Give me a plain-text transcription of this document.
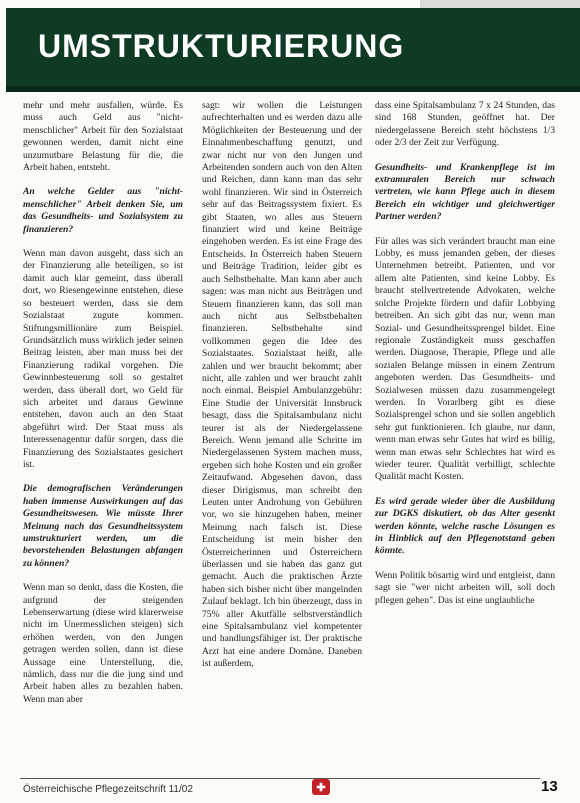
UMSTRUKTURIERUNG

mehr und mehr ausfallen, würde. Es muss auch Geld aus "nicht-menschlicher" Arbeit für den Sozialstaat gewonnen werden, damit nicht eine unzumutbare Belastung für die, die Arbeit haben, entsteht.

An welche Gelder aus "nicht-menschlicher" Arbeit denken Sie, um das Gesundheits- und Sozialsystem zu finanzieren?

Wenn man davon ausgeht, dass sich an der Finanzierung alle beteiligen, so ist damit auch klar gemeint, dass überall dort, wo Riesengewinne entstehen, diese so besteuert werden, dass sie dem Sozialstaat zugute kommen. Stiftungsmillionäre zum Beispiel. Grundsätzlich muss wirklich jeder seinen Beitrag leisten, aber man muss bei der Finanzierung radikal vorgehen. Die Gewinnbesteuerung soll so gestaltet werden, dass überall dort, wo Geld für sich arbeitet und daraus Gewinne entstehen, davon auch an den Staat abgeführt wird. Der Staat muss als Interessenagentur dafür sorgen, dass die Finanzierung des Sozialstaates gesichert ist.

Die demografischen Veränderungen haben immense Auswirkungen auf das Gesundheitswesen. Wie müsste Ihrer Meinung nach das Gesundheitssystem umstrukturiert werden, um die bevorstehenden Belastungen abfangen zu können?

Wenn man so denkt, dass die Kosten, die aufgrund der steigenden Lebenserwartung (diese wird klarerweise nicht im Unermesslichen steigen) sich erhöhen werden, von den Jungen getragen werden sollen, dann ist diese Aussage eine Unterstellung, die, nämlich, dass nur die die jung sind und Arbeit haben alles zu bezahlen haben. Wenn man aber

sagt: wir wollen die Leistungen aufrechterhalten und es werden dazu alle Möglichkeiten der Besteuerung und der Einnahmenbeschaffung genutzt, und zwar nicht nur von den Jungen und Arbeitenden sondern auch von den Alten und Reichen, dann kann man das sehr wohl finanzieren. Wir sind in Österreich sehr auf das Beitragssystem fixiert. Es gibt Staaten, wo alles aus Steuern finanziert wird und keine Beiträge eingehoben werden. Es ist eine Frage des Entscheids. In Österreich haben Steuern und Beiträge Tradition, leider gibt es auch Selbstbehalte. Man kann aber auch sagen: was man nicht aus Beiträgen und Steuern finanzieren kann, das soll man auch nicht aus Selbstbehalten finanzieren. Selbstbehalte sind vollkommen gegen die Idee des Sozialstaates. Sozialstaat heißt, alle zahlen und wer braucht bekommt; aber nicht, alle zahlen und wer braucht zahlt noch einmal. Beispiel Ambulanzgebühr: Eine Studie der Universität Innsbruck besagt, dass die Spitalsambulanz nicht teurer ist als der Niedergelassene Bereich. Wenn jemand alle Schritte im Niedergelassenen System machen muss, ergeben sich hohe Kosten und ein großer Zeitaufwand. Abgesehen davon, dass dieser Dirigismus, man schreibt den Leuten unter Androhung von Gebühren vor, wo sie hinzugehen haben, meiner Meinung nach falsch ist. Diese Entscheidung ist mein bisher den Österreicherinnen und Österreichern überlassen und sie haben das ganz gut gemacht. Auch die praktischen Ärzte haben sich bisher nicht über mangelnden Zulauf beklagt. Ich bin überzeugt, dass in 75% aller Akutfälle selbstverständlich eine Spitalsambulanz viel kompetenter und handlungsfähiger ist. Der praktische Arzt hat eine andere Domäne. Daneben ist außerdem,

dass eine Spitalsambulanz 7 x 24 Stunden, das sind 168 Stunden, geöffnet hat. Der niedergelassene Bereich steht höchstens 1/3 oder 2/3 der Zeit zur Verfügung.

Gesundheits- und Krankenpflege ist im extramuralen Bereich nur schwach vertreten, wie kann Pflege auch in diesem Bereich ein wichtiger und gleichwertiger Partner werden?

Für alles was sich verändert braucht man eine Lobby, es muss jemanden geben, der dieses Unternehmen betreibt. Patienten, und vor allem alte Patienten, sind keine Lobby. Es braucht stellvertretende Advokaten, welche solche Projekte fördern und dafür Lobbying betreiben. An sich gibt das nur, wenn man Sozial- und Gesundheitssprengel bildet. Eine regionale Zuständigkeit muss geschaffen werden. Diagnose, Therapie, Pflege und alle sozialen Belange müssen in einem Zentrum angeboten werden. Das Gesundheits- und Sozialwesen müssen dazu zusammengelegt werden. In Vorarlberg gibt es diese Sozialsprengel schon und sie sollen angeblich sehr gut funktionieren. Ich glaube, nur dann, wenn man etwas sehr Gutes hat wird es billig, wenn man etwas sehr Schlechtes hat wird es wieder teurer. Qualität verbilligt, schlechte Qualität macht Kosten.

Es wird gerade wieder über die Ausbildung zur DGKS diskutiert, ob das Alter gesenkt werden könnte, welche rasche Lösungen es in Hinblick auf den Pflegenotstand geben könnte.

Wenn Politik bösartig wird und entgleist, dann sagt sie "wer nicht arbeiten will, soll doch pflegen gehen". Das ist eine unglaubliche

Österreichische Pflegezeitschrift 11/02	✚	13
